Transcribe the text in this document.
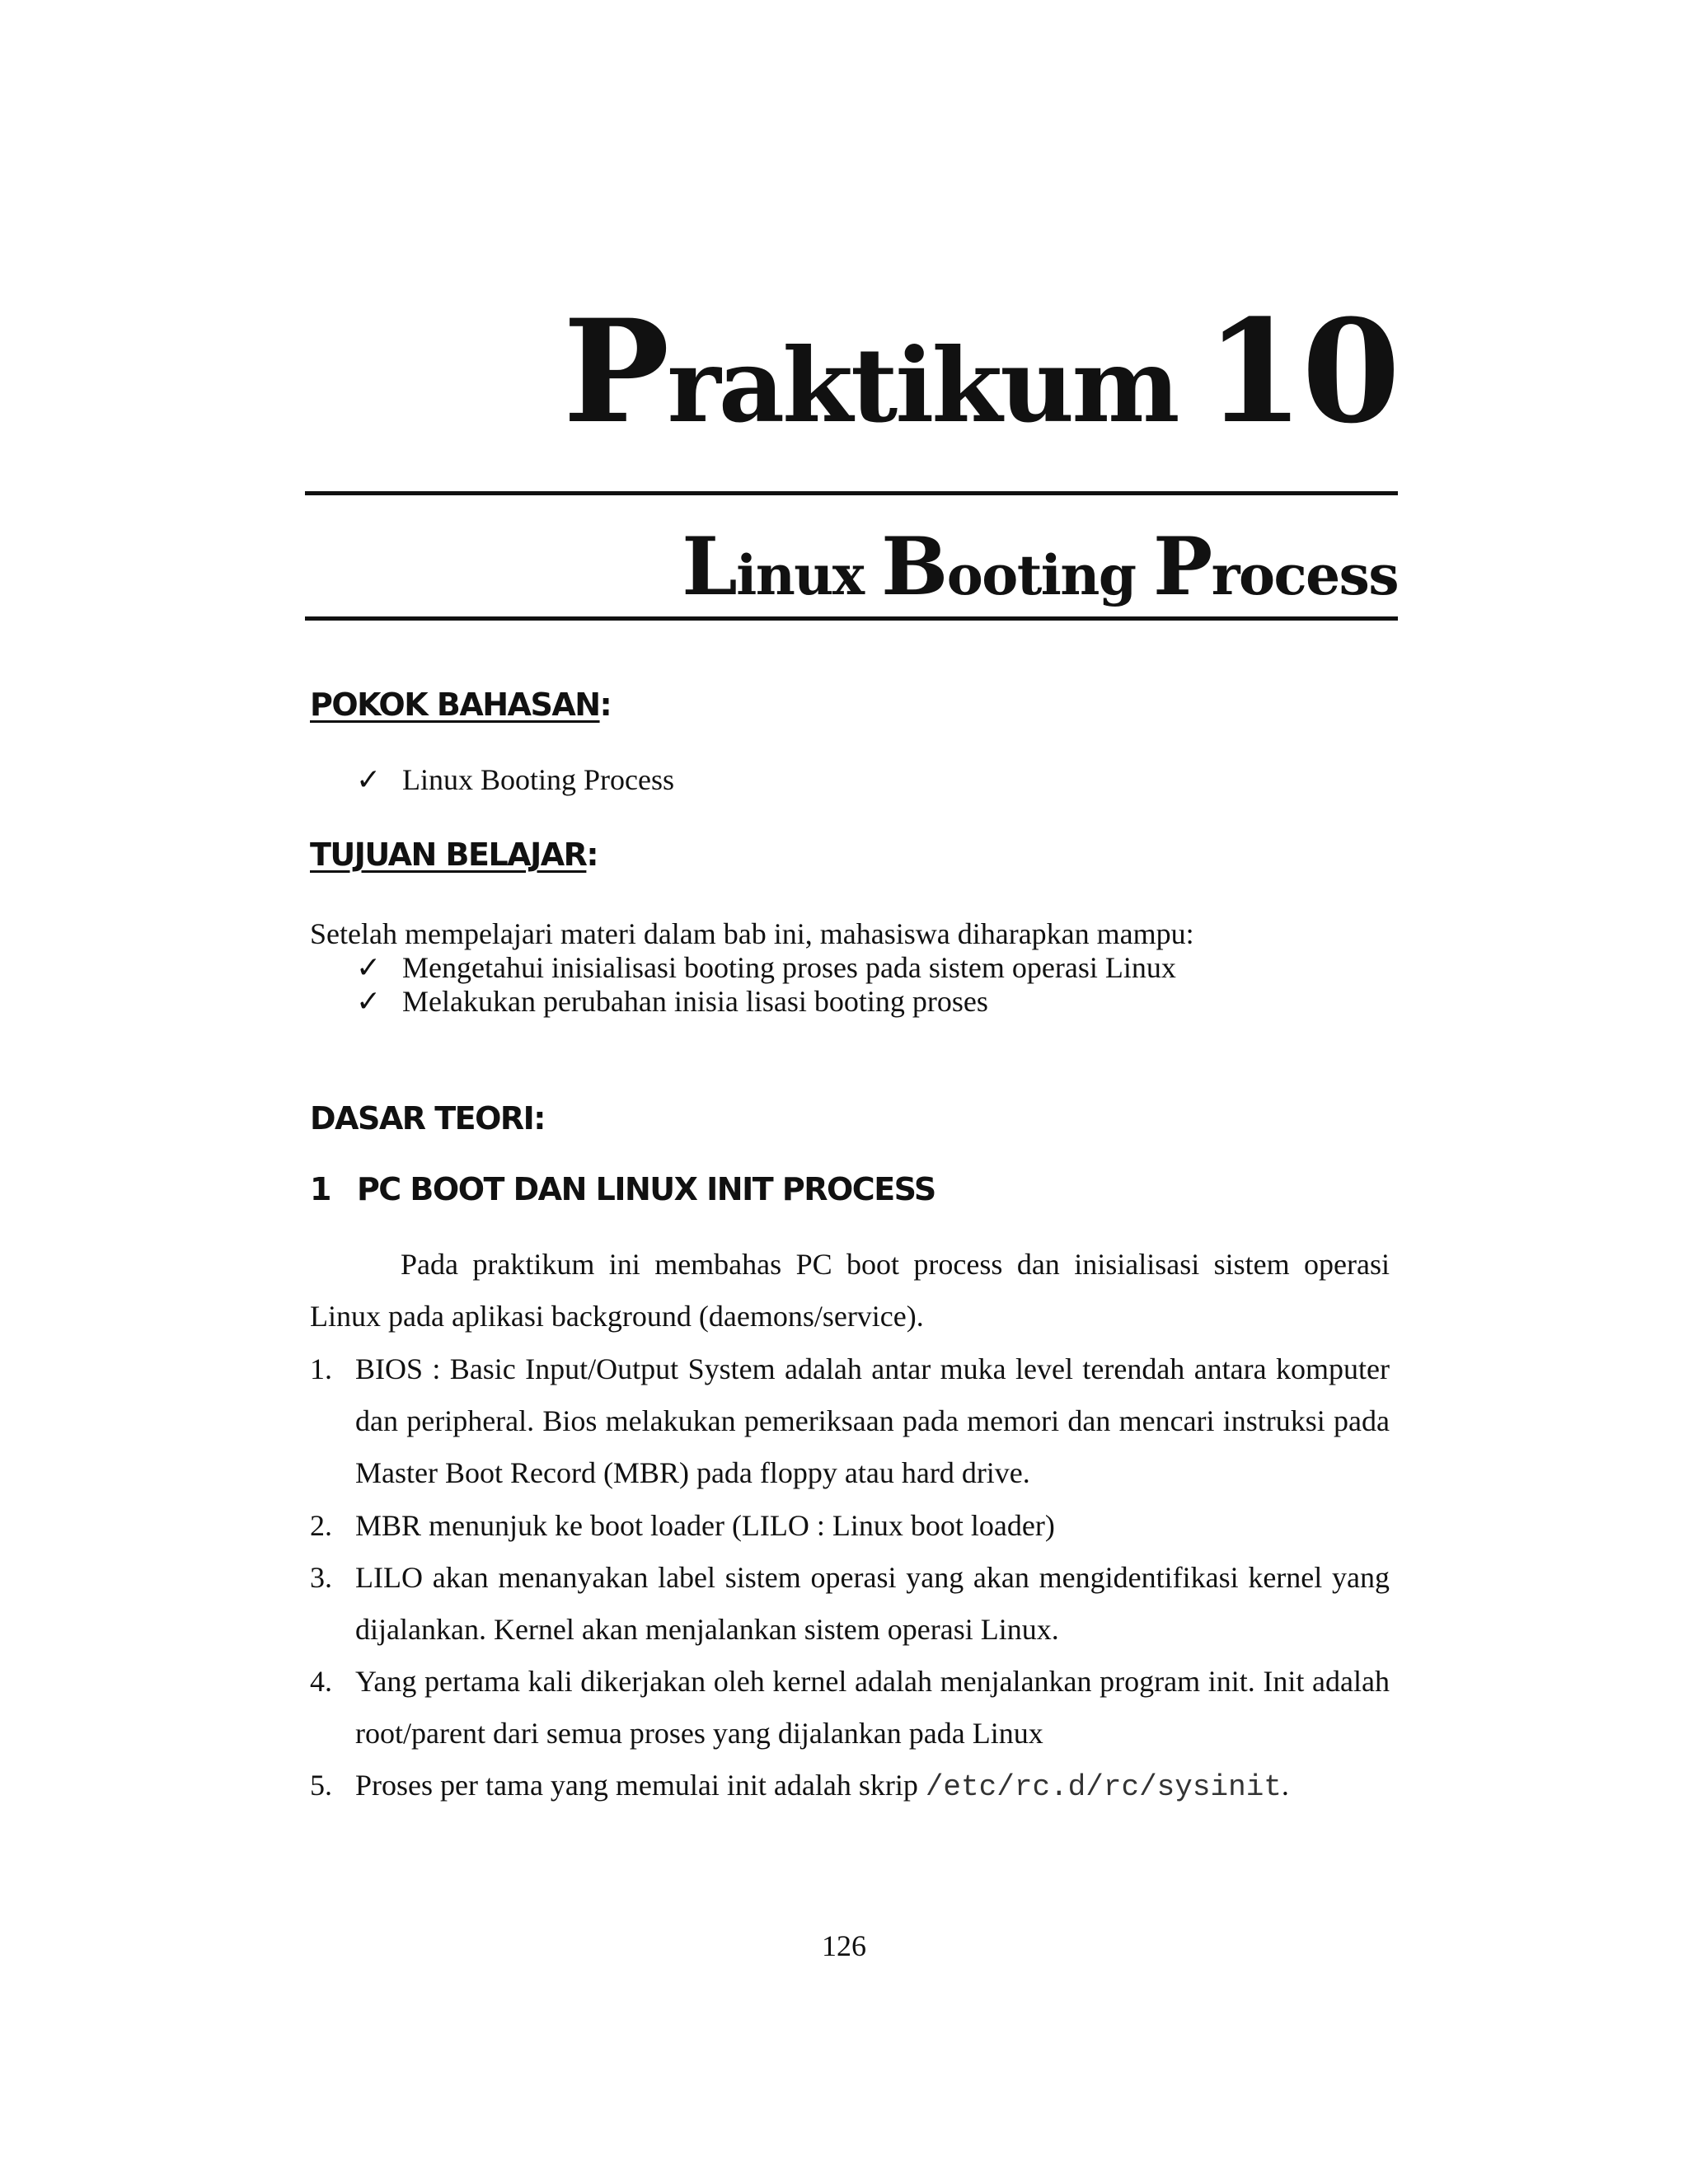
Praktikum 10
Linux Booting Process
POKOK BAHASAN:
✓ Linux Booting Process
TUJUAN BELAJAR:
Setelah mempelajari materi dalam bab ini, mahasiswa diharapkan mampu:
✓ Mengetahui inisialisasi booting proses pada sistem operasi Linux
✓ Melakukan perubahan inisia lisasi booting proses
DASAR TEORI:
1 PC BOOT DAN LINUX INIT PROCESS
Pada praktikum ini membahas PC boot process dan inisialisasi sistem operasi Linux pada aplikasi background (daemons/service).
1. BIOS : Basic Input/Output System adalah antar muka level terendah antara komputer dan peripheral. Bios melakukan pemeriksaan pada memori dan mencari instruksi pada Master Boot Record (MBR) pada floppy atau hard drive.
2. MBR menunjuk ke boot loader (LILO : Linux boot loader)
3. LILO akan menanyakan label sistem operasi yang akan mengidentifikasi kernel yang dijalankan. Kernel akan menjalankan sistem operasi Linux.
4. Yang pertama kali dikerjakan oleh kernel adalah menjalankan program init. Init adalah root/parent dari semua proses yang dijalankan pada Linux
5. Proses per tama yang memulai init adalah skrip /etc/rc.d/rc/sysinit.
126
